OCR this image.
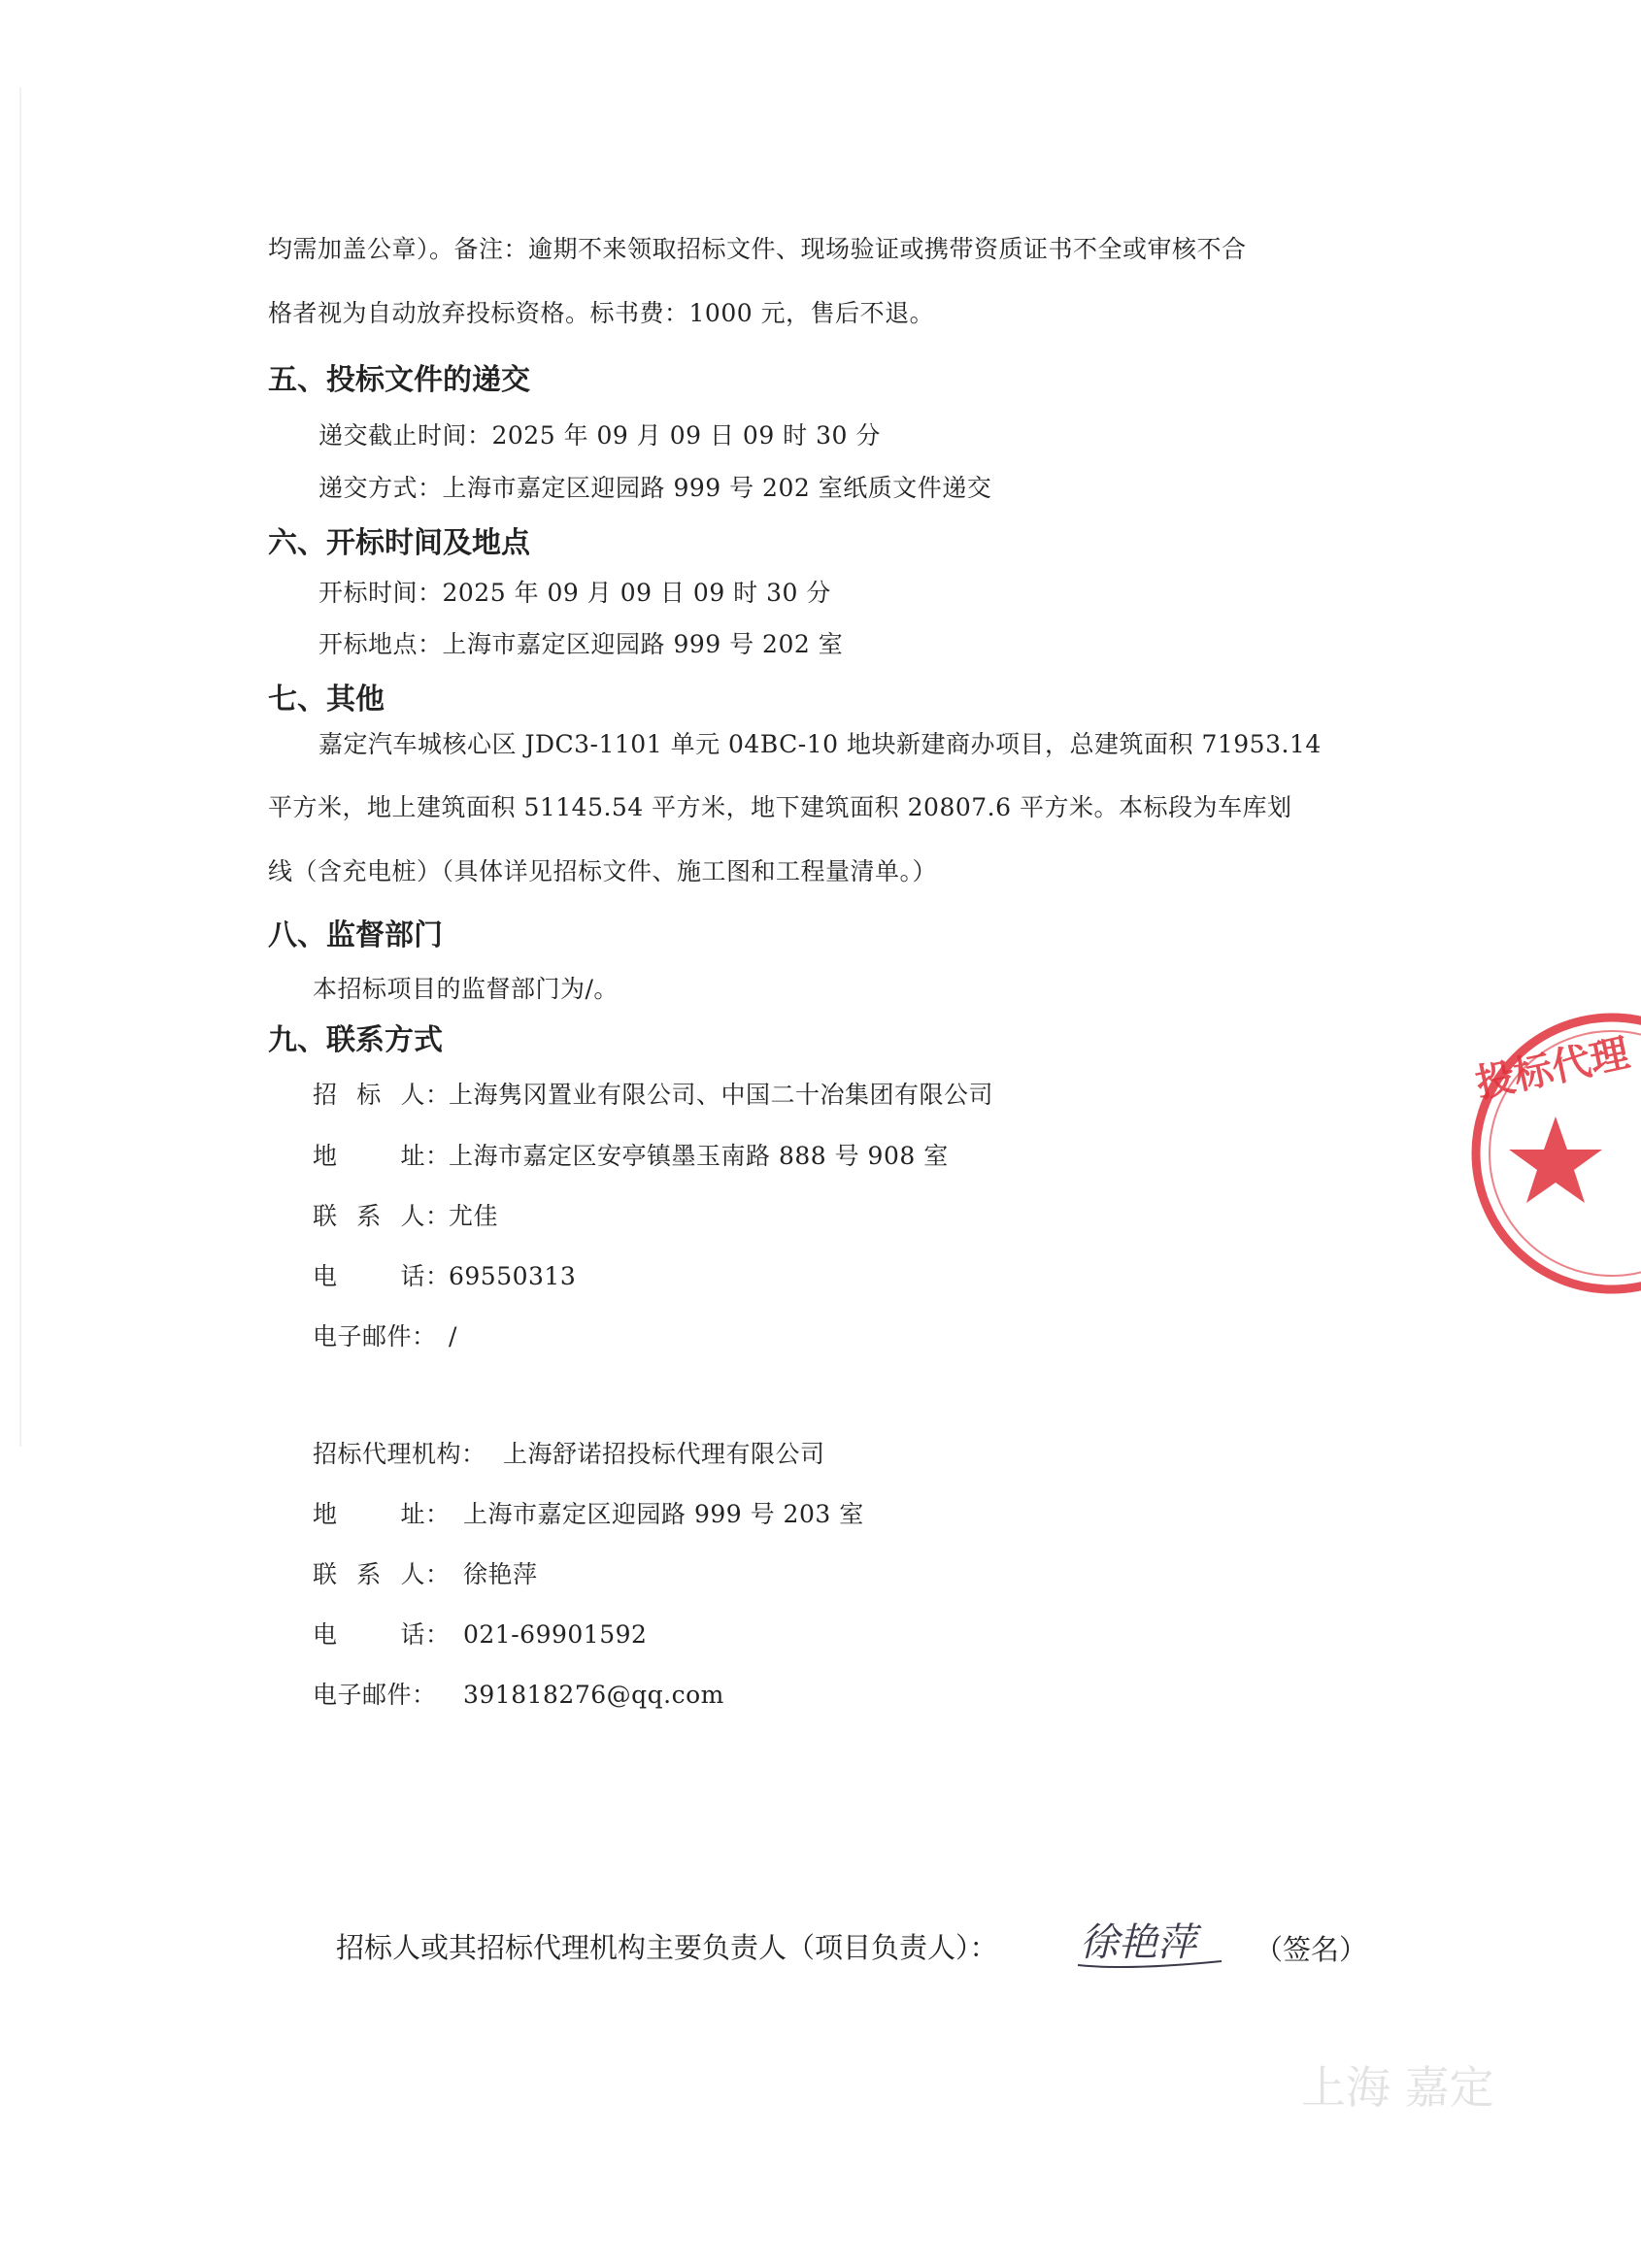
均需加盖公章）。备注：逾期不来领取招标文件、现场验证或携带资质证书不全或审核不合
格者视为自动放弃投标资格。标书费：1000 元，售后不退。
五、投标文件的递交
递交截止时间：2025 年 09 月 09 日 09 时 30 分
递交方式：上海市嘉定区迎园路 999 号 202 室纸质文件递交
六、开标时间及地点
开标时间：2025 年 09 月 09 日 09 时 30 分
开标地点：上海市嘉定区迎园路 999 号 202 室
七、其他
嘉定汽车城核心区 JDC3-1101 单元 04BC-10 地块新建商办项目，总建筑面积 71953.14
平方米，地上建筑面积 51145.54 平方米，地下建筑面积 20807.6 平方米。本标段为车库划
线（含充电桩）（具体详见招标文件、施工图和工程量清单。）
八、监督部门
本招标项目的监督部门为/。
九、联系方式
招 标 人 ：
上海隽冈置业有限公司、中国二十冶集团有限公司
地	址 ：
上海市嘉定区安亭镇墨玉南路 888 号 908 室
联 系 人 ：
尤佳
电	话 ：
69550313
电子邮件： /
招标代理机构： 上海舒诺招投标代理有限公司
地	址 ： 上海市嘉定区迎园路 999 号 203 室
联 系 人 ： 徐艳萍
电	话 ： 021-69901592
电子邮件： 391818276@qq.com
招标人或其招标代理机构主要负责人（项目负责人）： 徐艳萍 （签名）
投标代理
上海 嘉定
